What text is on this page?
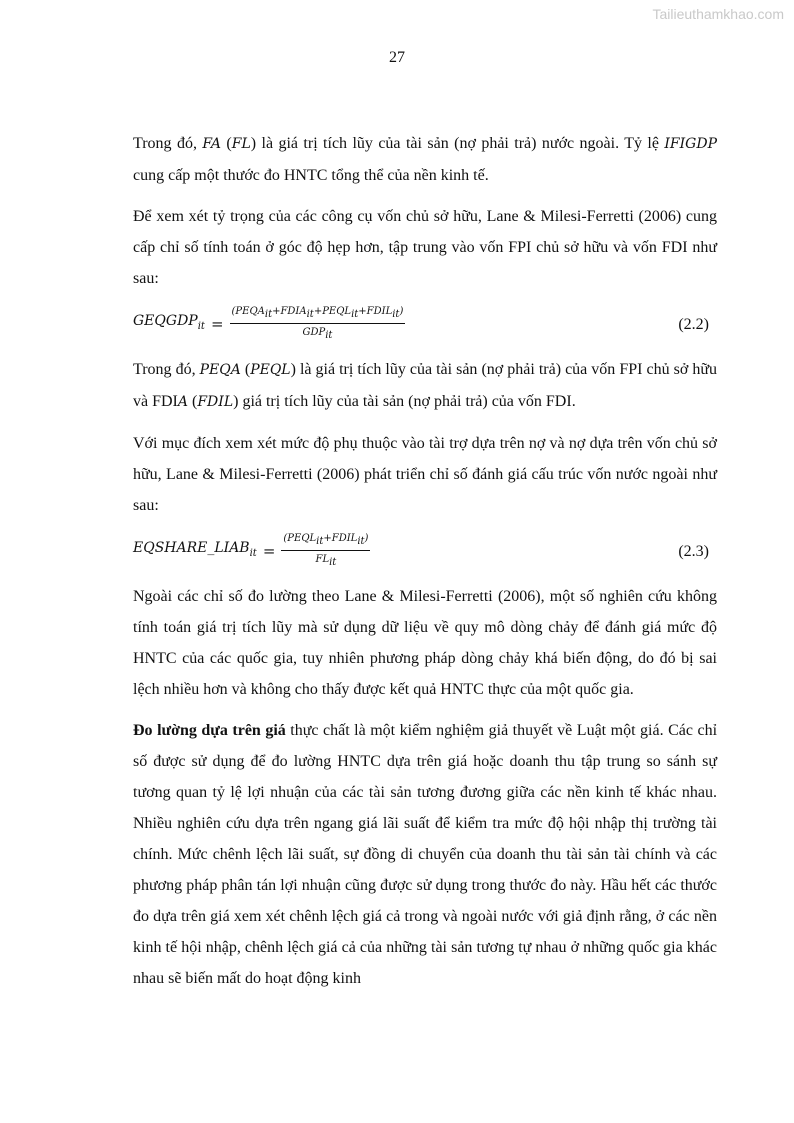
Tailieuthamkhao.com
27

Trong đó, FA (FL) là giá trị tích lũy của tài sản (nợ phải trả) nước ngoài. Tỷ lệ IFIGDP cung cấp một thước đo HNTC tổng thể của nền kinh tế.

Để xem xét tỷ trọng của các công cụ vốn chủ sở hữu, Lane & Milesi-Ferretti (2006) cung cấp chỉ số tính toán ở góc độ hẹp hơn, tập trung vào vốn FPI chủ sở hữu và vốn FDI như sau:

$GEQGDP_{it} = \frac{(PEQA_{it}+FDIA_{it}+PEQL_{it}+FDIL_{it})}{GDP_{it}}$	(2.2)

Trong đó, PEQA (PEQL) là giá trị tích lũy của tài sản (nợ phải trả) của vốn FPI chủ sở hữu và FDIA (FDIL) giá trị tích lũy của tài sản (nợ phải trả) của vốn FDI.

Với mục đích xem xét mức độ phụ thuộc vào tài trợ dựa trên nợ và nợ dựa trên vốn chủ sở hữu, Lane & Milesi-Ferretti (2006) phát triển chỉ số đánh giá cấu trúc vốn nước ngoài như sau:

$EQSHARE\_LIAB_{it} = \frac{(PEQL_{it}+FDIL_{it})}{FL_{it}}$	(2.3)

Ngoài các chỉ số đo lường theo Lane & Milesi-Ferretti (2006), một số nghiên cứu không tính toán giá trị tích lũy mà sử dụng dữ liệu về quy mô dòng chảy để đánh giá mức độ HNTC của các quốc gia, tuy nhiên phương pháp dòng chảy khá biến động, do đó bị sai lệch nhiều hơn và không cho thấy được kết quả HNTC thực của một quốc gia.

Đo lường dựa trên giá thực chất là một kiểm nghiệm giả thuyết về Luật một giá. Các chỉ số được sử dụng để đo lường HNTC dựa trên giá hoặc doanh thu tập trung so sánh sự tương quan tỷ lệ lợi nhuận của các tài sản tương đương giữa các nền kinh tế khác nhau. Nhiều nghiên cứu dựa trên ngang giá lãi suất để kiểm tra mức độ hội nhập thị trường tài chính. Mức chênh lệch lãi suất, sự đồng di chuyển của doanh thu tài sản tài chính và các phương pháp phân tán lợi nhuận cũng được sử dụng trong thước đo này. Hầu hết các thước đo dựa trên giá xem xét chênh lệch giá cả trong và ngoài nước với giả định rằng, ở các nền kinh tế hội nhập, chênh lệch giá cả của những tài sản tương tự nhau ở những quốc gia khác nhau sẽ biến mất do hoạt động kinh
